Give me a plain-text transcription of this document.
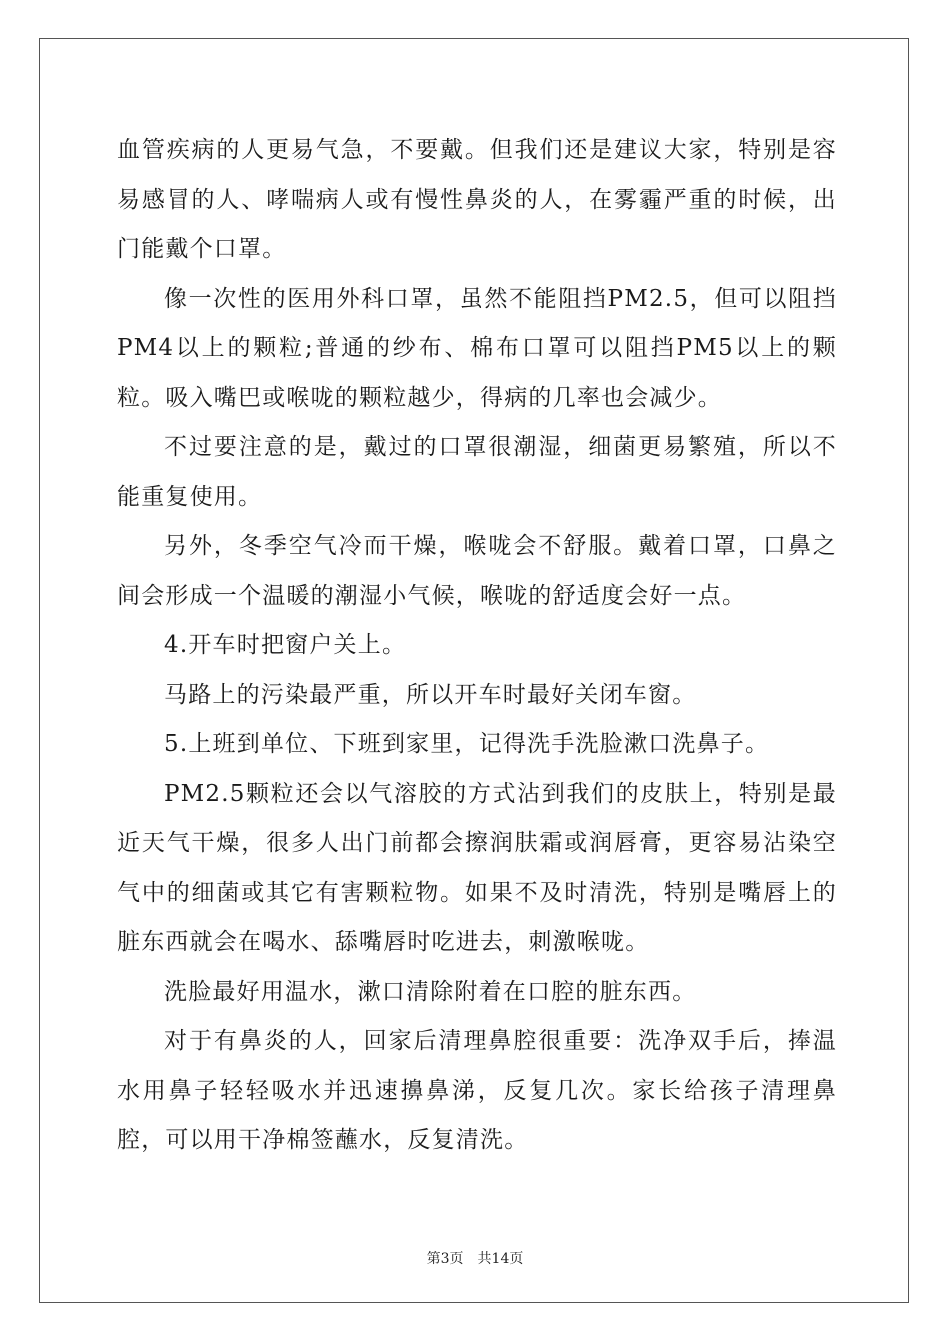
血管疾病的人更易气急，不要戴。但我们还是建议大家，特别是容易感冒的人、哮喘病人或有慢性鼻炎的人，在雾霾严重的时候，出门能戴个口罩。

像一次性的医用外科口罩，虽然不能阻挡PM2.5，但可以阻挡PM4以上的颗粒;普通的纱布、棉布口罩可以阻挡PM5以上的颗粒。吸入嘴巴或喉咙的颗粒越少，得病的几率也会减少。

不过要注意的是，戴过的口罩很潮湿，细菌更易繁殖，所以不能重复使用。

另外，冬季空气冷而干燥，喉咙会不舒服。戴着口罩，口鼻之间会形成一个温暖的潮湿小气候，喉咙的舒适度会好一点。

4.开车时把窗户关上。

马路上的污染最严重，所以开车时最好关闭车窗。

5.上班到单位、下班到家里，记得洗手洗脸漱口洗鼻子。

PM2.5颗粒还会以气溶胶的方式沾到我们的皮肤上，特别是最近天气干燥，很多人出门前都会擦润肤霜或润唇膏，更容易沾染空气中的细菌或其它有害颗粒物。如果不及时清洗，特别是嘴唇上的脏东西就会在喝水、舔嘴唇时吃进去，刺激喉咙。

洗脸最好用温水，漱口清除附着在口腔的脏东西。

对于有鼻炎的人，回家后清理鼻腔很重要：洗净双手后，捧温水用鼻子轻轻吸水并迅速擤鼻涕，反复几次。家长给孩子清理鼻腔，可以用干净棉签蘸水，反复清洗。

第3页 共14页
